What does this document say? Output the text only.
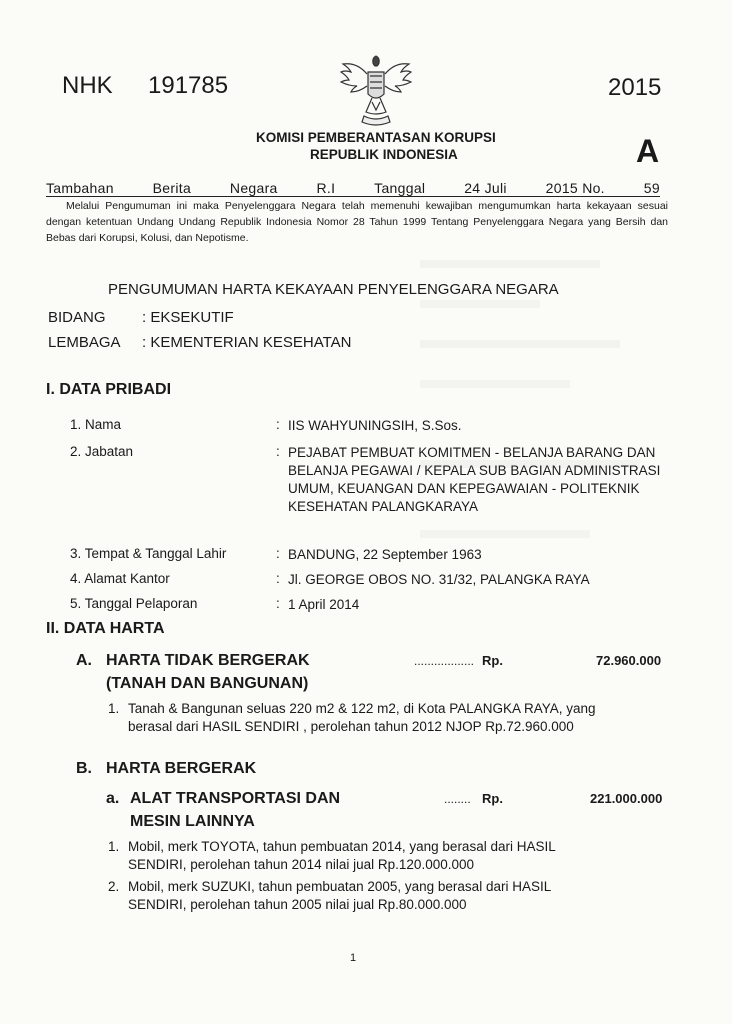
NHK 191785	2015
KOMISI PEMBERANTASAN KORUPSI
REPUBLIK INDONESIA	A
Tambahan	Berita	Negara	R.I	Tanggal	24 Juli	2015 No.	59
Melalui Pengumuman ini maka Penyelenggara Negara telah memenuhi kewajiban mengumumkan harta kekayaan sesuai dengan ketentuan Undang Undang Republik Indonesia Nomor 28 Tahun 1999 Tentang Penyelenggara Negara yang Bersih dan Bebas dari Korupsi, Kolusi, dan Nepotisme.
PENGUMUMAN HARTA KEKAYAAN PENYELENGGARA NEGARA
BIDANG : EKSEKUTIF
LEMBAGA : KEMENTERIAN KESEHATAN
I. DATA PRIBADI
1. Nama	: IIS WAHYUNINGSIH, S.Sos.
2. Jabatan	: PEJABAT PEMBUAT KOMITMEN - BELANJA BARANG DAN BELANJA PEGAWAI / KEPALA SUB BAGIAN ADMINISTRASI UMUM, KEUANGAN DAN KEPEGAWAIAN - POLITEKNIK KESEHATAN PALANGKARAYA
3. Tempat & Tanggal Lahir	: BANDUNG, 22 September 1963
4. Alamat Kantor	: Jl. GEORGE OBOS NO. 31/32, PALANGKA RAYA
5. Tanggal Pelaporan	: 1 April 2014
II. DATA HARTA
A. HARTA TIDAK BERGERAK
(TANAH DAN BANGUNAN)
.................. Rp.	72.960.000
1. Tanah & Bangunan seluas 220 m2 & 122 m2, di Kota PALANGKA RAYA, yang berasal dari HASIL SENDIRI , perolehan tahun 2012 NJOP Rp.72.960.000
B. HARTA BERGERAK
a. ALAT TRANSPORTASI DAN
MESIN LAINNYA
........ Rp.	221.000.000
1. Mobil, merk TOYOTA, tahun pembuatan 2014, yang berasal dari HASIL SENDIRI, perolehan tahun 2014 nilai jual Rp.120.000.000
2. Mobil, merk SUZUKI, tahun pembuatan 2005, yang berasal dari HASIL SENDIRI, perolehan tahun 2005 nilai jual Rp.80.000.000
1
